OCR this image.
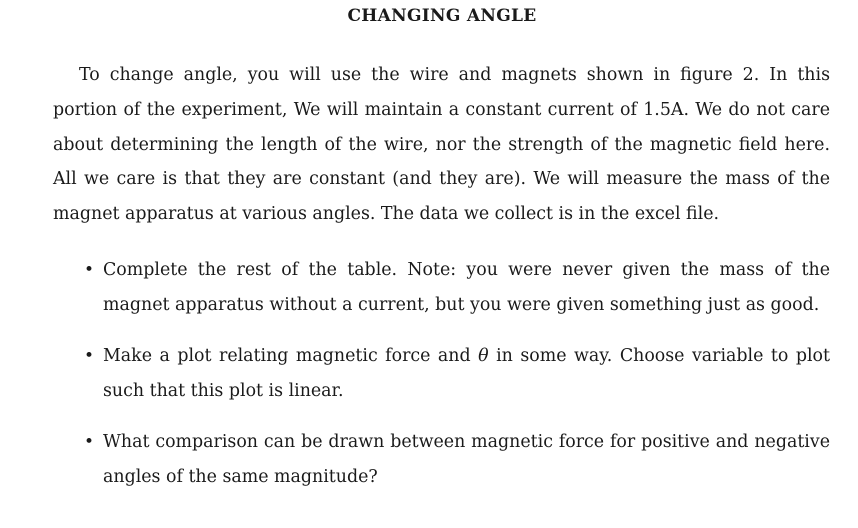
CHANGING ANGLE

To change angle, you will use the wire and magnets shown in figure 2. In this portion of the experiment, We will maintain a constant current of 1.5A. We do not care about determining the length of the wire, nor the strength of the magnetic field here. All we care is that they are constant (and they are). We will measure the mass of the magnet apparatus at various angles. The data we collect is in the excel file.

• Complete the rest of the table. Note: you were never given the mass of the magnet apparatus without a current, but you were given something just as good.
• Make a plot relating magnetic force and θ in some way. Choose variable to plot such that this plot is linear.
• What comparison can be drawn between magnetic force for positive and negative angles of the same magnitude?
